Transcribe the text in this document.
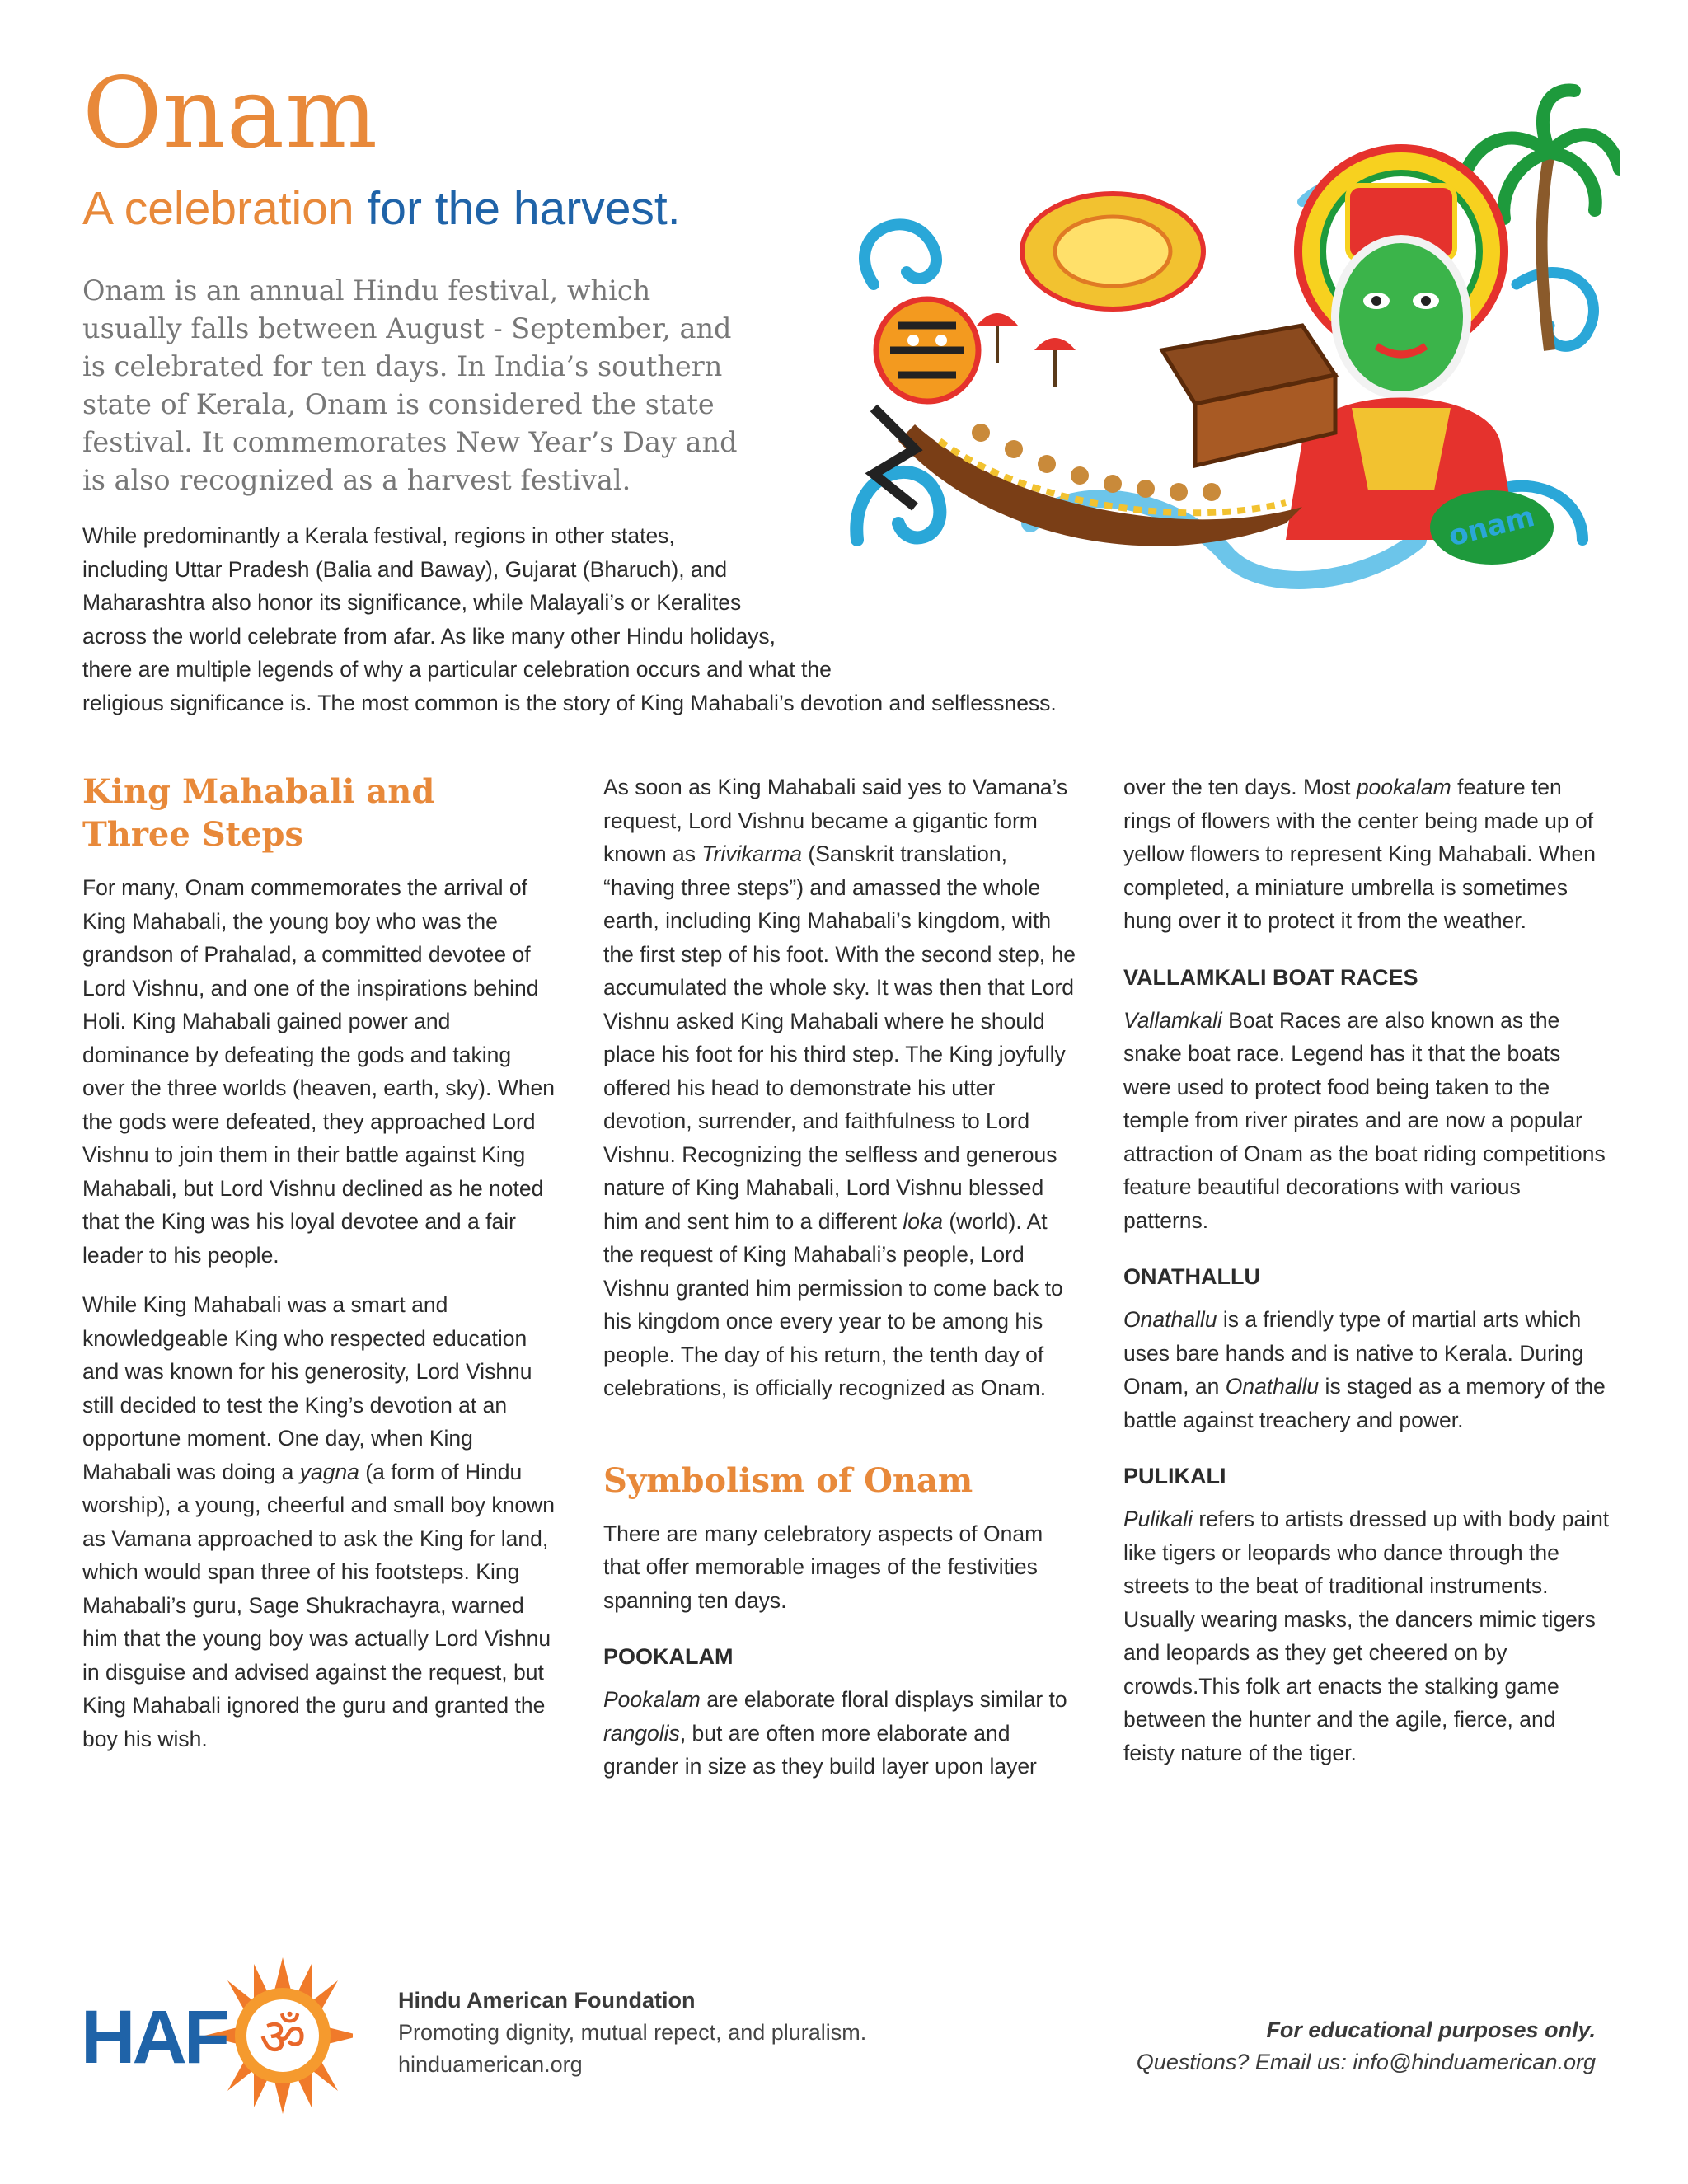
Onam
A celebration for the harvest.

Onam is an annual Hindu festival, which usually falls between August - September, and is celebrated for ten days. In India’s southern state of Kerala, Onam is considered the state festival. It commemorates New Year’s Day and is also recognized as a harvest festival.

While predominantly a Kerala festival, regions in other states,
including Uttar Pradesh (Balia and Baway), Gujarat (Bharuch), and
Maharashtra also honor its significance, while Malayali’s or Keralites
across the world celebrate from afar. As like many other Hindu holidays,
there are multiple legends of why a particular celebration occurs and what the
religious significance is. The most common is the story of King Mahabali’s devotion and selflessness.

onam
King Mahabali and
Three Steps

For many, Onam commemorates the arrival of King Mahabali, the young boy who was the grandson of Prahalad, a committed devotee of Lord Vishnu, and one of the inspirations behind Holi. King Mahabali gained power and dominance by defeating the gods and taking over the three worlds (heaven, earth, sky). When the gods were defeated, they approached Lord Vishnu to join them in their battle against King Mahabali, but Lord Vishnu declined as he noted that the King was his loyal devotee and a fair leader to his people.

While King Mahabali was a smart and knowledgeable King who respected education and was known for his generosity, Lord Vishnu still decided to test the King’s devotion at an opportune moment. One day, when King Mahabali was doing a yagna (a form of Hindu worship), a young, cheerful and small boy known as Vamana approached to ask the King for land, which would span three of his footsteps. King Mahabali’s guru, Sage Shukrachayra, warned him that the young boy was actually Lord Vishnu in disguise and advised against the request, but King Mahabali ignored the guru and granted the boy his wish.

As soon as King Mahabali said yes to Vamana’s request, Lord Vishnu became a gigantic form known as Trivikarma (Sanskrit translation, “having three steps”) and amassed the whole earth, including King Mahabali’s kingdom, with the first step of his foot. With the second step, he accumulated the whole sky. It was then that Lord Vishnu asked King Mahabali where he should place his foot for his third step. The King joyfully offered his head to demonstrate his utter devotion, surrender, and faithfulness to Lord Vishnu. Recognizing the selfless and generous nature of King Mahabali, Lord Vishnu blessed him and sent him to a different loka (world). At the request of King Mahabali’s people, Lord Vishnu granted him permission to come back to his kingdom once every year to be among his people. The day of his return, the tenth day of celebrations, is officially recognized as Onam.

Symbolism of Onam

There are many celebratory aspects of Onam that offer memorable images of the festivities spanning ten days.

POOKALAM

Pookalam are elaborate floral displays similar to rangolis, but are often more elaborate and grander in size as they build layer upon layer

over the ten days. Most pookalam feature ten rings of flowers with the center being made up of yellow flowers to represent King Mahabali. When completed, a miniature umbrella is sometimes hung over it to protect it from the weather.

VALLAMKALI BOAT RACES

Vallamkali Boat Races are also known as the snake boat race. Legend has it that the boats were used to protect food being taken to the temple from river pirates and are now a popular attraction of Onam as the boat riding competitions feature beautiful decorations with various patterns.

ONATHALLU

Onathallu is a friendly type of martial arts which uses bare hands and is native to Kerala. During Onam, an Onathallu is staged as a memory of the battle against treachery and power.

PULIKALI

Pulikali refers to artists dressed up with body paint like tigers or leopards who dance through the streets to the beat of traditional instruments. Usually wearing masks, the dancers mimic tigers and leopards as they get cheered on by crowds.This folk art enacts the stalking game between the hunter and the agile, fierce, and feisty nature of the tiger.

HAF ॐ
Hindu American Foundation
Promoting dignity, mutual repect, and pluralism.
hinduamerican.org
For educational purposes only.
Questions? Email us: info@hinduamerican.org
